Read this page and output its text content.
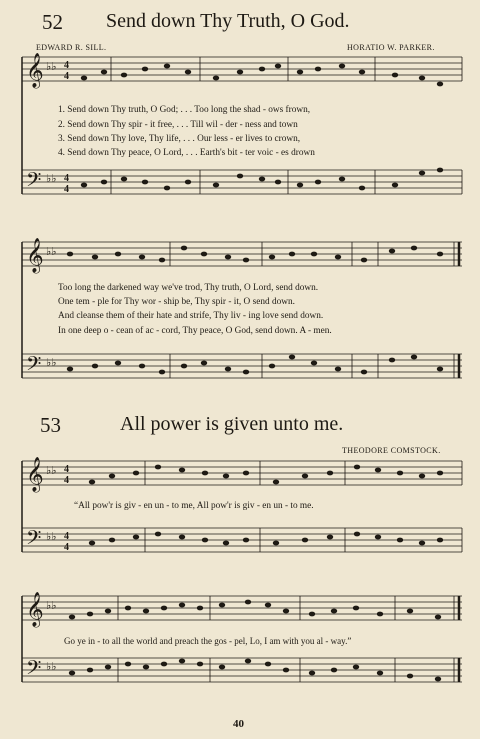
52 Send down Thy Truth, O God.
EDWARD R. SILL.	HORATIO W. PARKER.
𝄞
𝄢
♭♭
♭♭
4
4
4
4
1. Send down Thy truth, O God; . . . Too long the shad - ows frown,
2. Send down Thy spir - it free, . . . Till wil - der - ness and town
3. Send down Thy love, Thy life, . . . Our less - er lives to crown,
4. Send down Thy peace, O Lord, . . . Earth's bit - ter voic - es drown
𝄞
𝄢
♭♭
♭♭
Too long the darkened way we've trod, Thy truth, O Lord, send down.
One tem - ple for Thy wor - ship be, Thy spir - it, O send down.
And cleanse them of their hate and strife, Thy liv - ing love send down.
In one deep o - cean of ac - cord, Thy peace, O God, send down. A - men.
53	All power is given unto me.
THEODORE COMSTOCK.
𝄞
𝄢
♭♭
♭♭
4
4
4
4
“All pow'r is giv - en un - to me, All pow'r is giv - en un - to me.
𝄞
𝄢
♭♭
♭♭
Go ye in - to all the world and preach the gos - pel, Lo, I am with you al - way.”
40
